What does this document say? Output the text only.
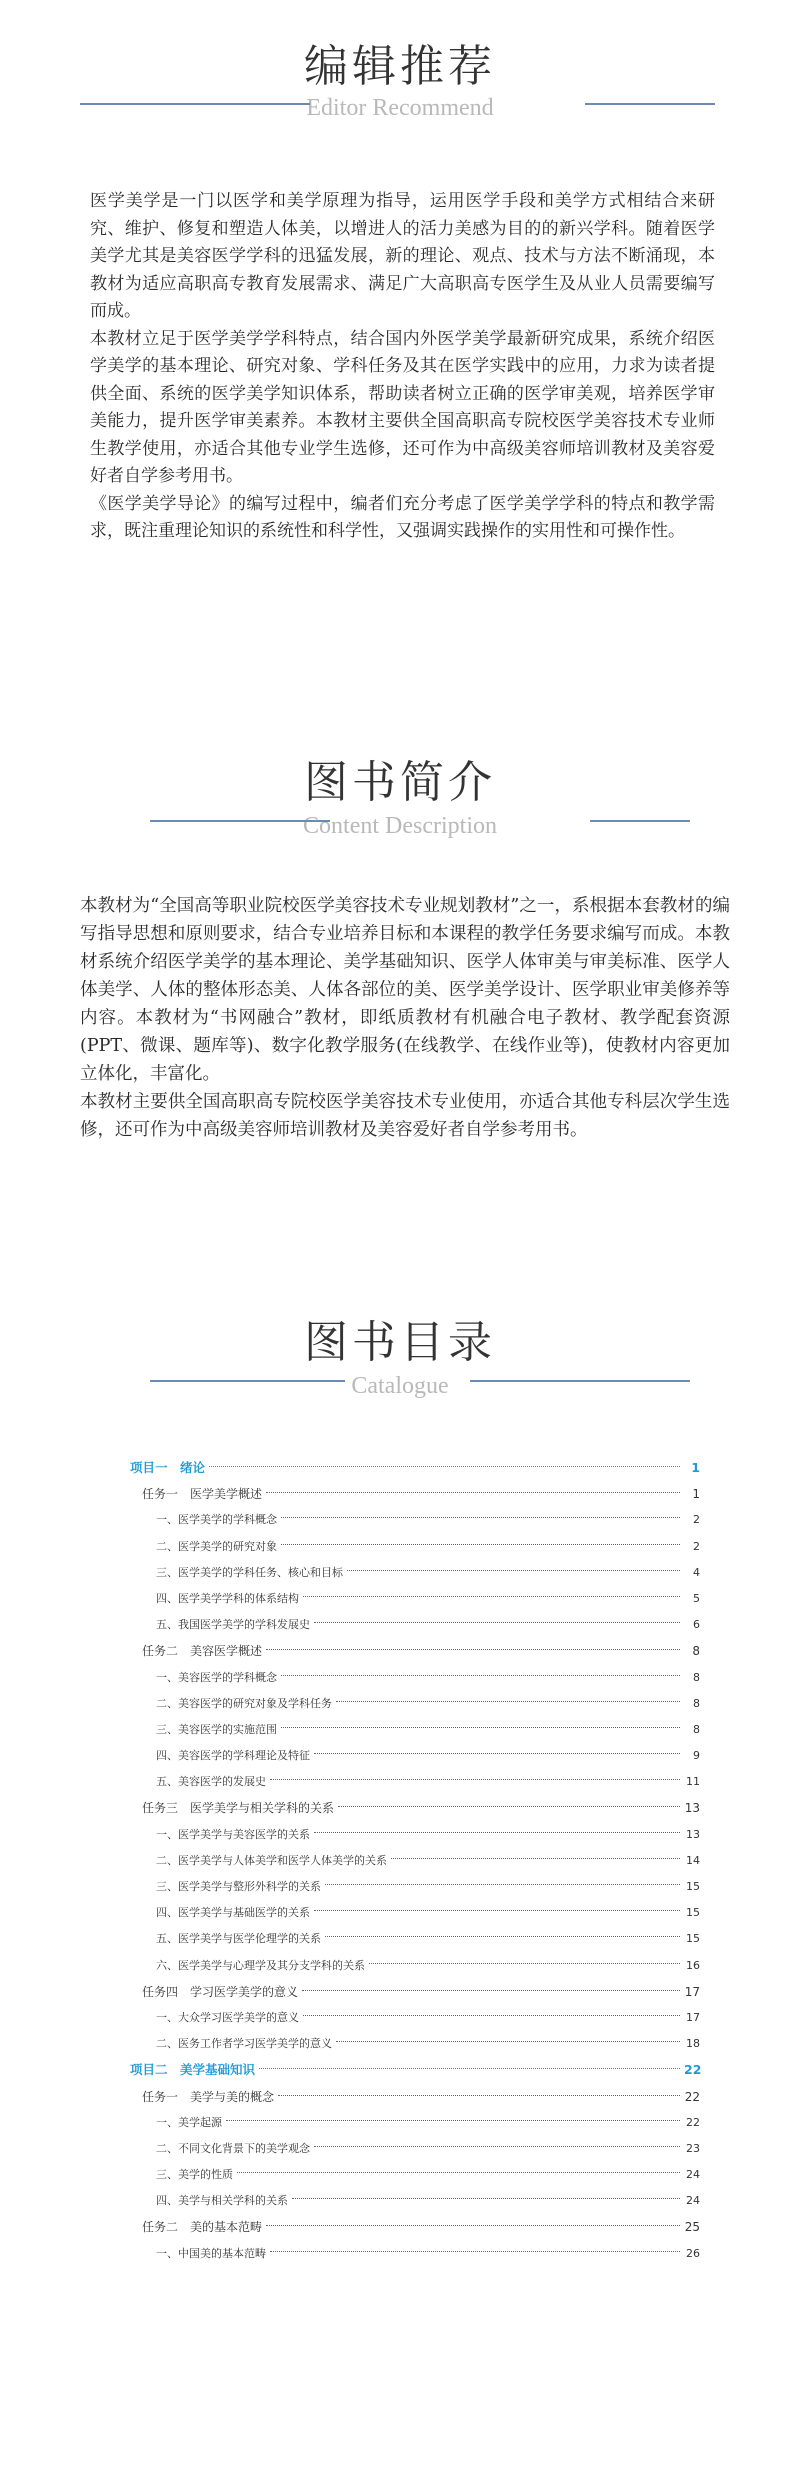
编辑推荐
Editor Recommend

医学美学是一门以医学和美学原理为指导，运用医学手段和美学方式相结合来研究、维护、修复和塑造人体美，以增进人的活力美感为目的的新兴学科。随着医学美学尤其是美容医学学科的迅猛发展，新的理论、观点、技术与方法不断涌现，本教材为适应高职高专教育发展需求、满足广大高职高专医学生及从业人员需要编写而成。

本教材立足于医学美学学科特点，结合国内外医学美学最新研究成果，系统介绍医学美学的基本理论、研究对象、学科任务及其在医学实践中的应用，力求为读者提供全面、系统的医学美学知识体系，帮助读者树立正确的医学审美观，培养医学审美能力，提升医学审美素养。本教材主要供全国高职高专院校医学美容技术专业师生教学使用，亦适合其他专业学生选修，还可作为中高级美容师培训教材及美容爱好者自学参考用书。

《医学美学导论》的编写过程中，编者们充分考虑了医学美学学科的特点和教学需求，既注重理论知识的系统性和科学性，又强调实践操作的实用性和可操作性。

图书简介
Content Description

本教材为“全国高等职业院校医学美容技术专业规划教材”之一，系根据本套教材的编写指导思想和原则要求，结合专业培养目标和本课程的教学任务要求编写而成。本教材系统介绍医学美学的基本理论、美学基础知识、医学人体审美与审美标准、医学人体美学、人体的整体形态美、人体各部位的美、医学美学设计、医学职业审美修养等内容。本教材为“书网融合”教材，即纸质教材有机融合电子教材、教学配套资源(PPT、微课、题库等)、数字化教学服务(在线教学、在线作业等)，使教材内容更加立体化，丰富化。

本教材主要供全国高职高专院校医学美容技术专业使用，亦适合其他专科层次学生选修，还可作为中高级美容师培训教材及美容爱好者自学参考用书。

图书目录
Catalogue
项目一　绪论	1
任务一　医学美学概述	1
一、医学美学的学科概念	2
二、医学美学的研究对象	2
三、医学美学的学科任务、核心和目标	4
四、医学美学学科的体系结构	5
五、我国医学美学的学科发展史	6
任务二　美容医学概述	8
一、美容医学的学科概念	8
二、美容医学的研究对象及学科任务	8
三、美容医学的实施范围	8
四、美容医学的学科理论及特征	9
五、美容医学的发展史	11
任务三　医学美学与相关学科的关系	13
一、医学美学与美容医学的关系	13
二、医学美学与人体美学和医学人体美学的关系	14
三、医学美学与整形外科学的关系	15
四、医学美学与基础医学的关系	15
五、医学美学与医学伦理学的关系	15
六、医学美学与心理学及其分支学科的关系	16
任务四　学习医学美学的意义	17
一、大众学习医学美学的意义	17
二、医务工作者学习医学美学的意义	18
项目二　美学基础知识	22
任务一　美学与美的概念	22
一、美学起源	22
二、不同文化背景下的美学观念	23
三、美学的性质	24
四、美学与相关学科的关系	24
任务二　美的基本范畴	25
一、中国美的基本范畴	26
